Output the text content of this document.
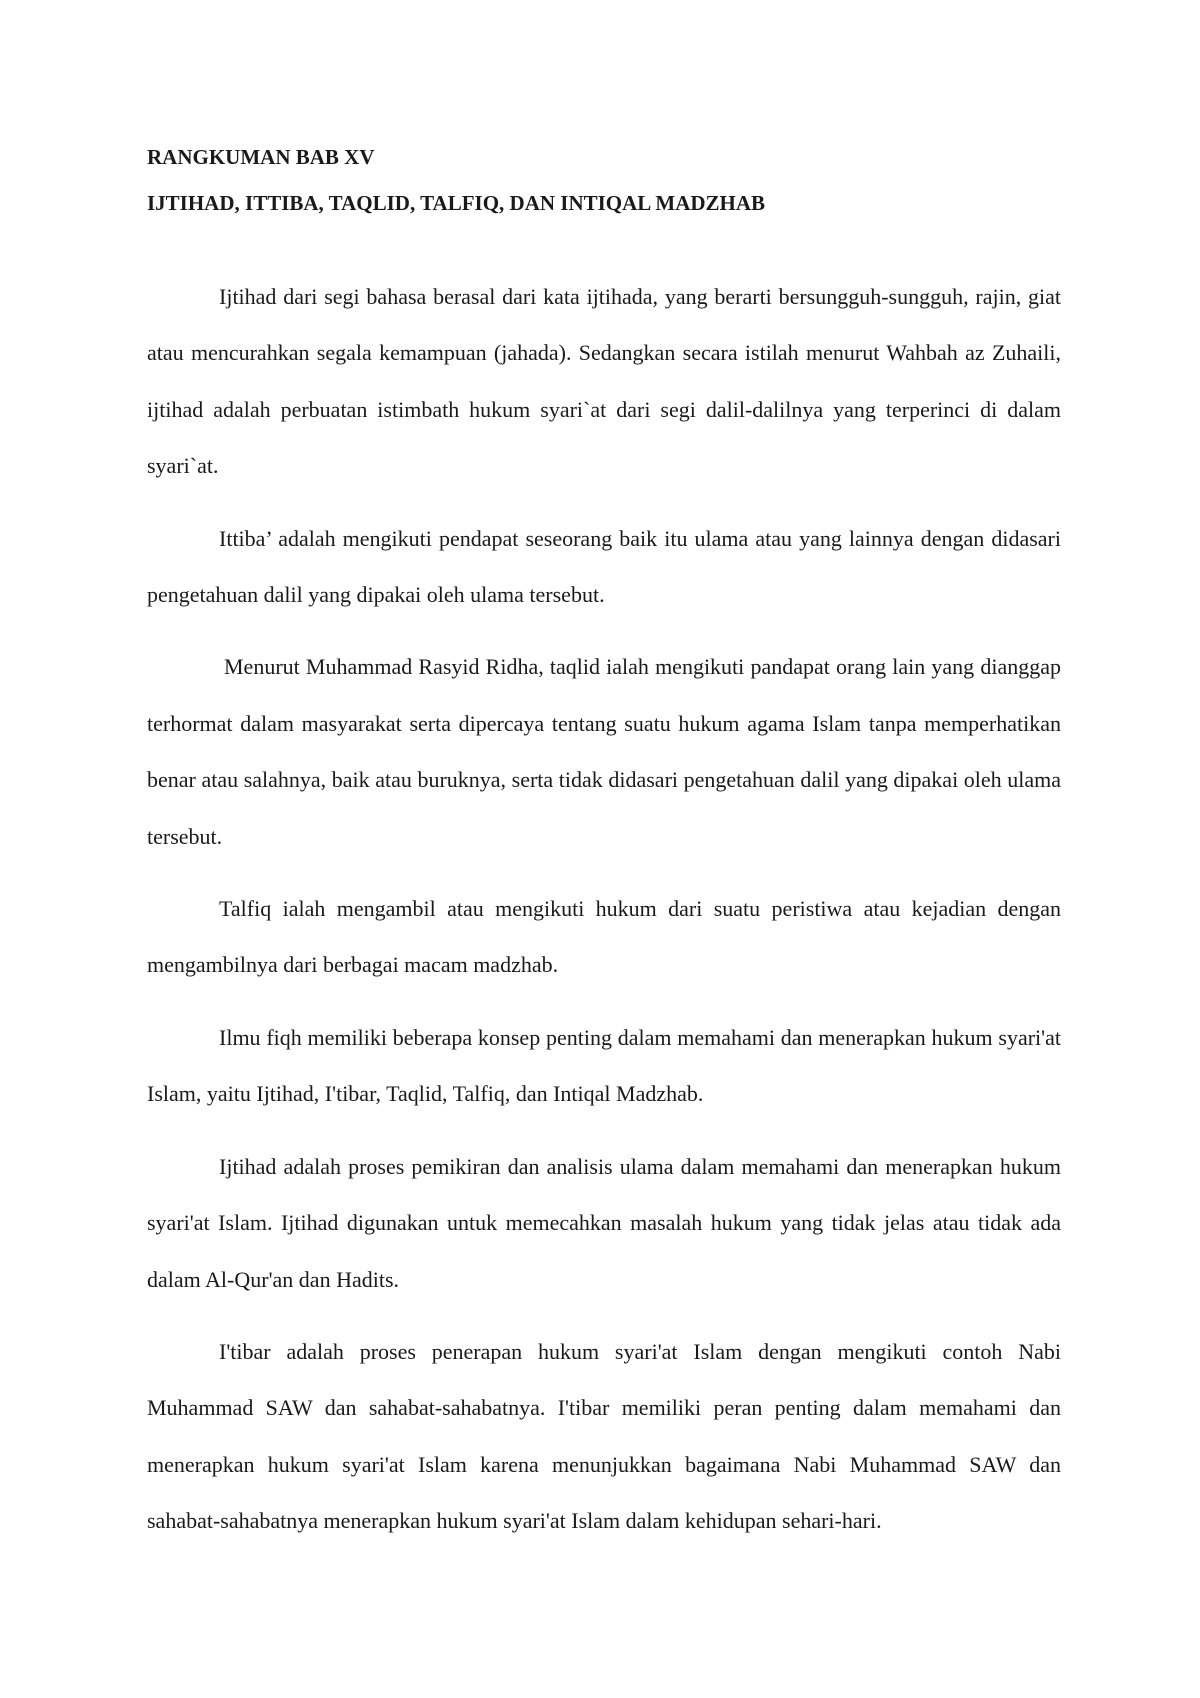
RANGKUMAN BAB XV
IJTIHAD, ITTIBA, TAQLID, TALFIQ, DAN INTIQAL MADZHAB

Ijtihad dari segi bahasa berasal dari kata ijtihada, yang berarti bersungguh-sungguh, rajin, giat atau mencurahkan segala kemampuan (jahada). Sedangkan secara istilah menurut Wahbah az Zuhaili, ijtihad adalah perbuatan istimbath hukum syari`at dari segi dalil-dalilnya yang terperinci di dalam syari`at.

Ittiba’ adalah mengikuti pendapat seseorang baik itu ulama atau yang lainnya dengan didasari pengetahuan dalil yang dipakai oleh ulama tersebut.

Menurut Muhammad Rasyid Ridha, taqlid ialah mengikuti pandapat orang lain yang dianggap terhormat dalam masyarakat serta dipercaya tentang suatu hukum agama Islam tanpa memperhatikan benar atau salahnya, baik atau buruknya, serta tidak didasari pengetahuan dalil yang dipakai oleh ulama tersebut.

Talfiq ialah mengambil atau mengikuti hukum dari suatu peristiwa atau kejadian dengan mengambilnya dari berbagai macam madzhab.

Ilmu fiqh memiliki beberapa konsep penting dalam memahami dan menerapkan hukum syari'at Islam, yaitu Ijtihad, I'tibar, Taqlid, Talfiq, dan Intiqal Madzhab.

Ijtihad adalah proses pemikiran dan analisis ulama dalam memahami dan menerapkan hukum syari'at Islam. Ijtihad digunakan untuk memecahkan masalah hukum yang tidak jelas atau tidak ada dalam Al-Qur'an dan Hadits.

I'tibar adalah proses penerapan hukum syari'at Islam dengan mengikuti contoh Nabi Muhammad SAW dan sahabat-sahabatnya. I'tibar memiliki peran penting dalam memahami dan menerapkan hukum syari'at Islam karena menunjukkan bagaimana Nabi Muhammad SAW dan sahabat-sahabatnya menerapkan hukum syari'at Islam dalam kehidupan sehari-hari.
